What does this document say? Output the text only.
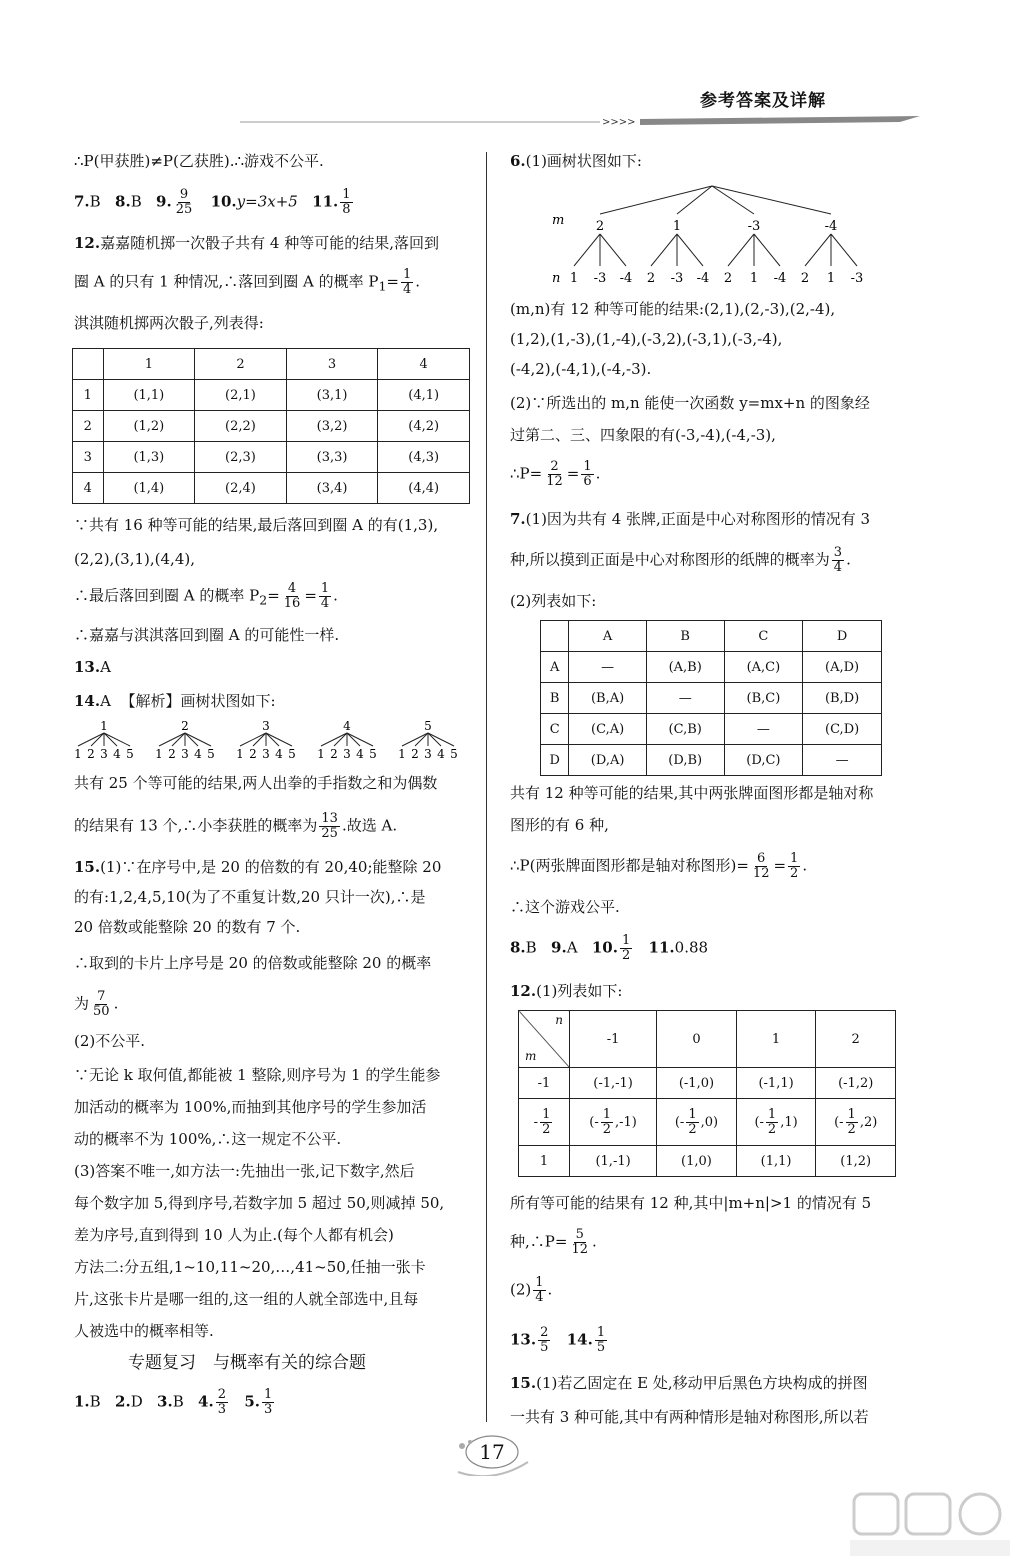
参考答案及详解
>>>>
∴P(甲获胜)≠P(乙获胜).∴游戏不公平.
7.B 8.B 9. $\frac{9}{25} 10.y=3x+5$ 11. $\frac{1}{8}$
12.嘉嘉随机掷一次骰子共有 4 种等可能的结果,落回到
圈 A 的只有 1 种情况,∴落回到圈 A 的概率 $P_1= \frac{1}{4}$ .
淇淇随机掷两次骰子,列表得:
	1	2	3	4
1	(1,1)	(2,1)	(3,1)	(4,1)
2	(1,2)	(2,2)	(3,2)	(4,2)
3	(1,3)	(2,3)	(3,3)	(4,3)
4	(1,4)	(2,4)	(3,4)	(4,4)
∵共有 16 种等可能的结果,最后落回到圈 A 的有(1,3),
(2,2),(3,1),(4,4),
∴最后落回到圈 A 的概率 $P_2= \frac{4}{16} = \frac{1}{4}$ .
∴嘉嘉与淇淇落回到圈 A 的可能性一样.
13.A
14.A 【解析】画树状图如下:
1
1 2 3 4 5
2
1 2 3 4 5
3
1 2 3 4 5
4
1 2 3 4 5
5
1 2 3 4 5
共有 25 个等可能的结果,两人出拳的手指数之和为偶数
的结果有 13 个,∴小李获胜的概率为 $\frac{13}{25}$ .故选 A.
15.(1)∵在序号中,是 20 的倍数的有 20,40;能整除 20
的有:1,2,4,5,10(为了不重复计数,20 只计一次),∴是
20 倍数或能整除 20 的数有 7 个.
∴取到的卡片上序号是 20 的倍数或能整除 20 的概率
为 $\frac{7}{50}$ .
(2)不公平.
∵无论 k 取何值,都能被 1 整除,则序号为 1 的学生能参
加活动的概率为 100%,而抽到其他序号的学生参加活
动的概率不为 100%,∴这一规定不公平.
(3)答案不唯一,如方法一:先抽出一张,记下数字,然后
每个数字加 5,得到序号,若数字加 5 超过 50,则减掉 50,
差为序号,直到得到 10 人为止.(每个人都有机会)
方法二:分五组,1~10,11~20,…,41~50,任抽一张卡
片,这张卡片是哪一组的,这一组的人就全部选中,且每
人被选中的概率相等.
专题复习　与概率有关的综合题
1.B 2.D 3.B 4. $\frac{2}{3} 5$. $\frac{1}{3}$
6.(1)画树状图如下:
m
n
2
1 -3 -4
1
2 -3 -4
-3
2 1 -4
-4
2 1 -3
(m,n)有 12 种等可能的结果:(2,1),(2,-3),(2,-4),
(1,2),(1,-3),(1,-4),(-3,2),(-3,1),(-3,-4),
(-4,2),(-4,1),(-4,-3).
(2)∵所选出的 m,n 能使一次函数 y=mx+n 的图象经
过第二、三、四象限的有(-3,-4),(-4,-3),
∴P= $\frac{2}{12} = \frac{1}{6}$ .
7.(1)因为共有 4 张牌,正面是中心对称图形的情况有 3
种,所以摸到正面是中心对称图形的纸牌的概率为 $\frac{3}{4}$ .
(2)列表如下:
	A	B	C	D
A	—	(A,B)	(A,C)	(A,D)
B	(B,A)	—	(B,C)	(B,D)
C	(C,A)	(C,B)	—	(C,D)
D	(D,A)	(D,B)	(D,C)	—
共有 12 种等可能的结果,其中两张牌面图形都是轴对称
图形的有 6 种,
∴P(两张牌面图形都是轴对称图形)= $\frac{6}{12} = \frac{1}{2}$ .
∴这个游戏公平.
8.B 9.A 10. $\frac{1}{2} 11.0.88$
12.(1)列表如下:
n
m	-1	0	1	2
-1	(-1,-1)	(-1,0)	(-1,1)	(-1,2)
- $\frac{1}{2}$	(- $\frac{1}{2} ,-1$)	(- $\frac{1}{2} ,0$)	(- $\frac{1}{2} ,1$)	(- $\frac{1}{2} ,2$)
1	(1,-1)	(1,0)	(1,1)	(1,2)
所有等可能的结果有 12 种,其中|m+n|>1 的情况有 5
种,∴P= $\frac{5}{12}$ .
$(2) \frac{1}{4}$ .
13. $\frac{2}{5} 14$. $\frac{1}{5}$
15.(1)若乙固定在 E 处,移动甲后黑色方块构成的拼图
一共有 3 种可能,其中有两种情形是轴对称图形,所以若
17
